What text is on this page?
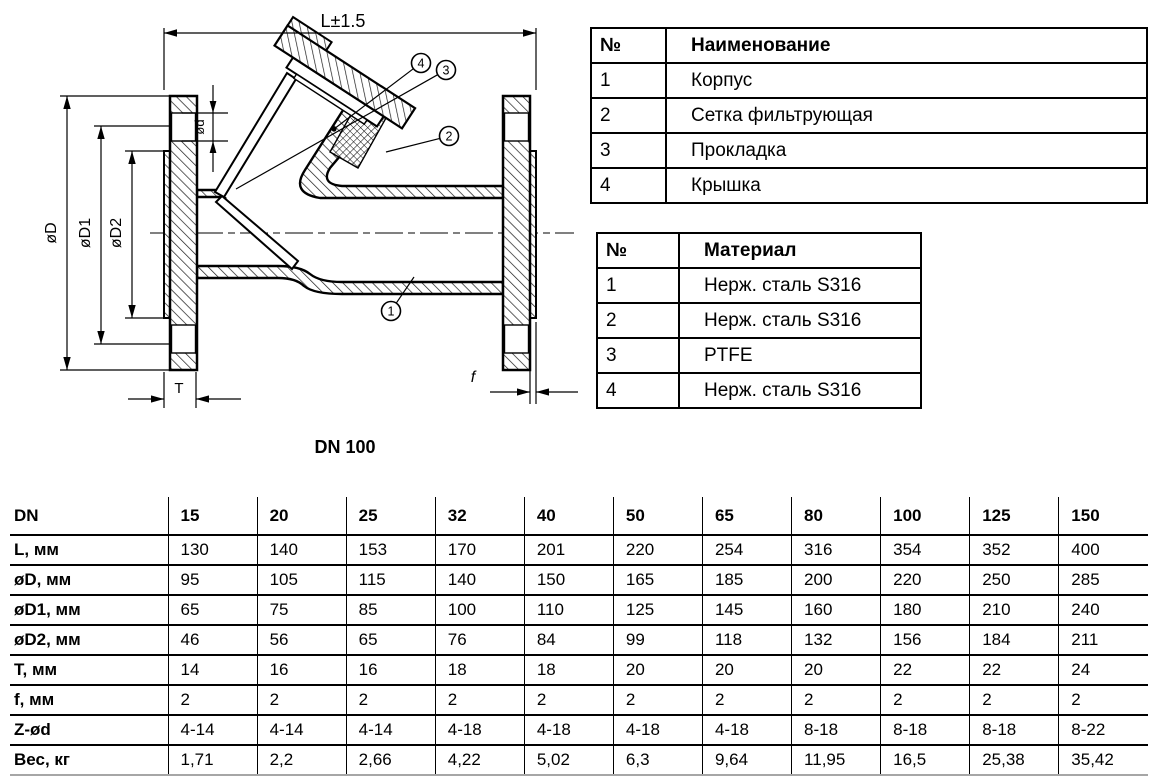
L±1.5
øD øD1 øD2
ød
T
f
1
2
3
4
DN 100
№	Наименование
1	Корпус
2	Сетка фильтрующая
3	Прокладка
4	Крышка
№	Материал
1	Нерж. сталь S316
2	Нерж. сталь S316
3	PTFE
4	Нерж. сталь S316
DN	15	20	25	32	40	50	65	80	100	125	150
L, мм	130	140	153	170	201	220	254	316	354	352	400
øD, мм	95	105	115	140	150	165	185	200	220	250	285
øD1, мм	65	75	85	100	110	125	145	160	180	210	240
øD2, мм	46	56	65	76	84	99	118	132	156	184	211
T, мм	14	16	16	18	18	20	20	20	22	22	24
f, мм	2	2	2	2	2	2	2	2	2	2	2
Z-ød	4-14	4-14	4-14	4-18	4-18	4-18	4-18	8-18	8-18	8-18	8-22
Вес, кг	1,71	2,2	2,66	4,22	5,02	6,3	9,64	11,95	16,5	25,38	35,42
